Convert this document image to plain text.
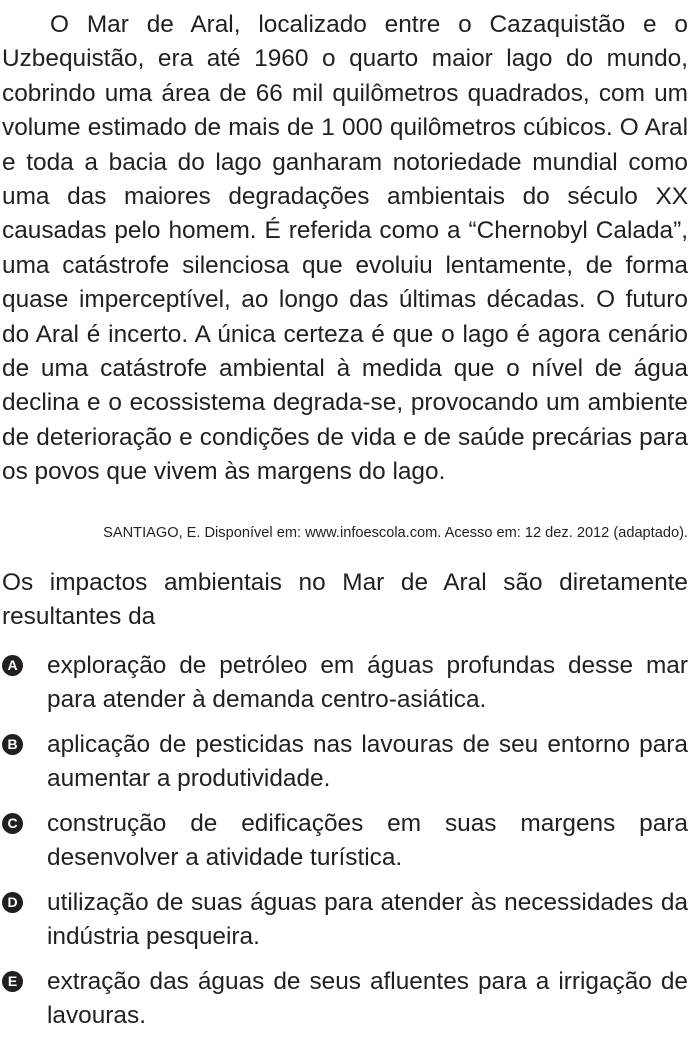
O Mar de Aral, localizado entre o Cazaquistão e o Uzbequistão, era até 1960 o quarto maior lago do mundo, cobrindo uma área de 66 mil quilômetros quadrados, com um volume estimado de mais de 1 000 quilômetros cúbicos. O Aral e toda a bacia do lago ganharam notoriedade mundial como uma das maiores degradações ambientais do século XX causadas pelo homem. É referida como a “Chernobyl Calada”, uma catástrofe silenciosa que evoluiu lentamente, de forma quase imperceptível, ao longo das últimas décadas. O futuro do Aral é incerto. A única certeza é que o lago é agora cenário de uma catástrofe ambiental à medida que o nível de água declina e o ecossistema degrada-se, provocando um ambiente de deterioração e condições de vida e de saúde precárias para os povos que vivem às margens do lago.

SANTIAGO, E. Disponível em: www.infoescola.com. Acesso em: 12 dez. 2012 (adaptado).

Os impactos ambientais no Mar de Aral são diretamente resultantes da

A exploração de petróleo em águas profundas desse mar para atender à demanda centro-asiática.
B aplicação de pesticidas nas lavouras de seu entorno para aumentar a produtividade.
C construção de edificações em suas margens para desenvolver a atividade turística.
D utilização de suas águas para atender às necessidades da indústria pesqueira.
E extração das águas de seus afluentes para a irrigação de lavouras.
